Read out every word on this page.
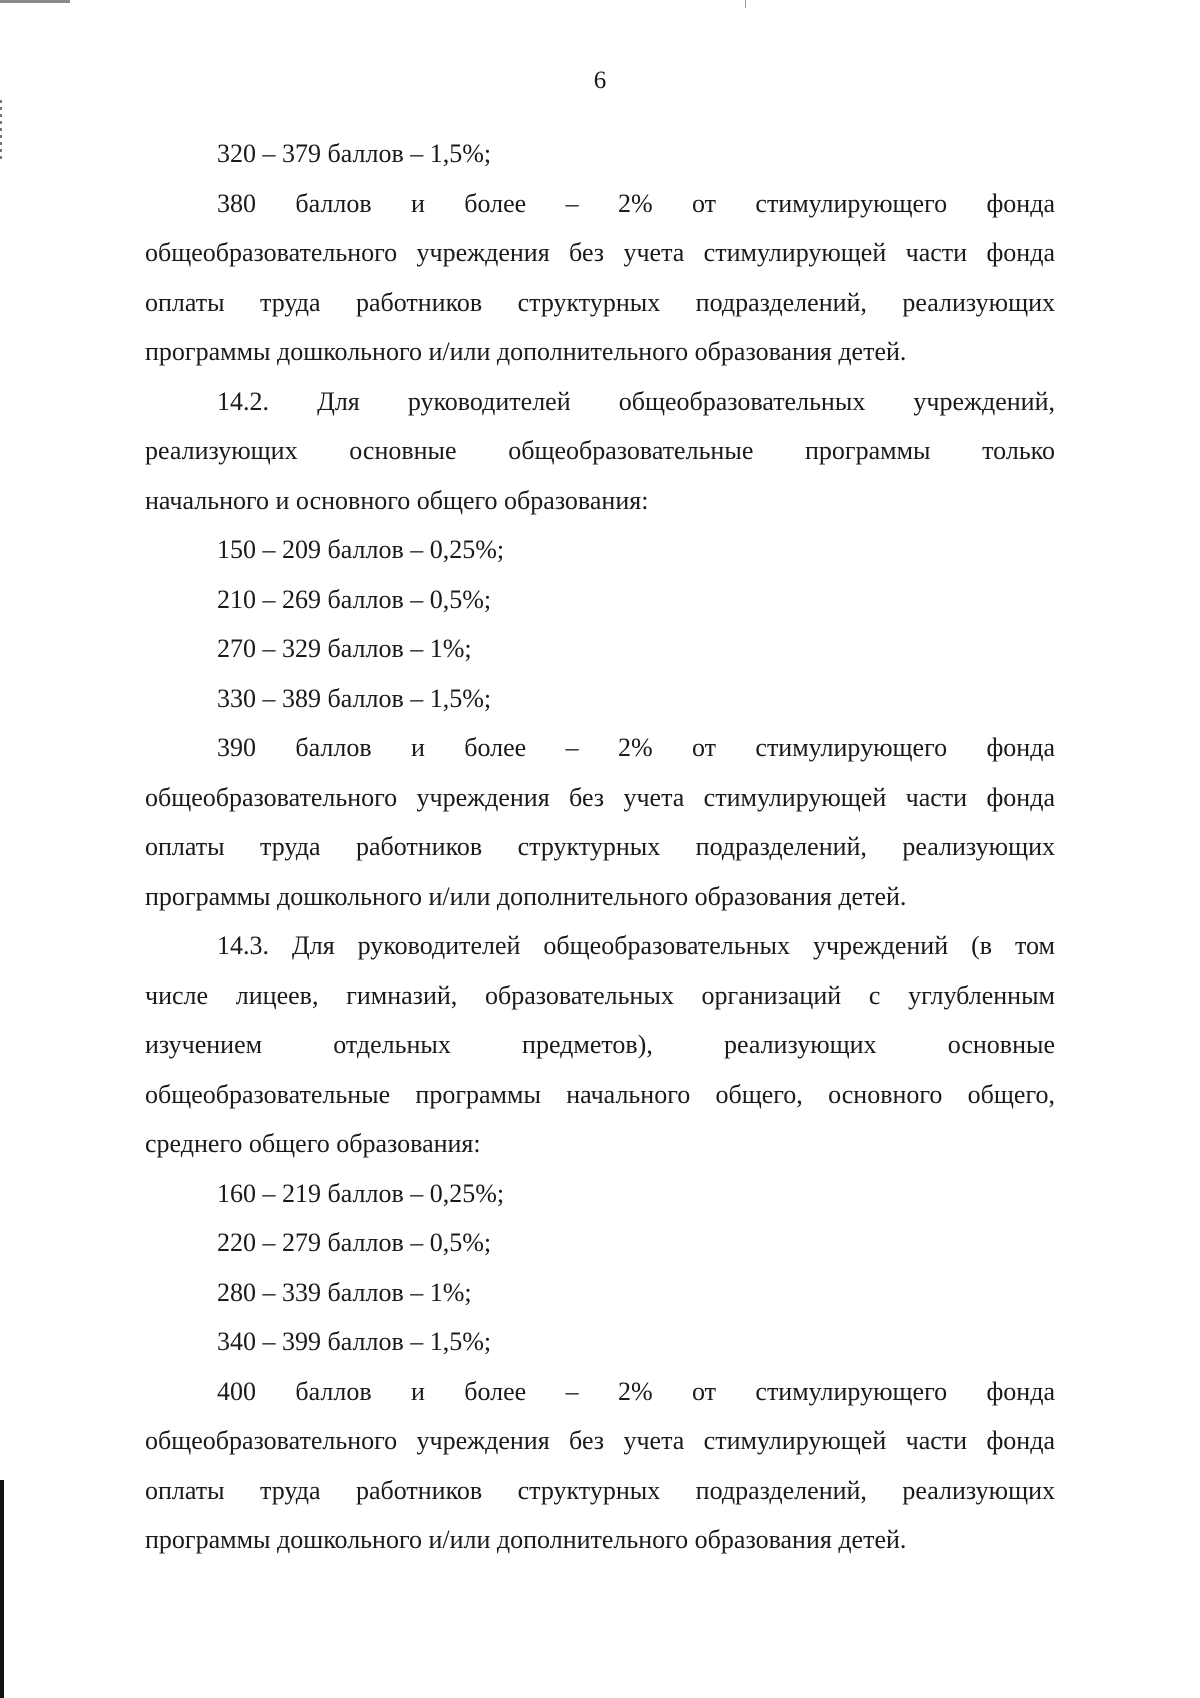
6
320 – 379 баллов – 1,5%;
380 баллов и более – 2% от стимулирующего фонда
общеобразовательного учреждения без учета стимулирующей части фонда
оплаты труда работников структурных подразделений, реализующих
программы дошкольного и/или дополнительного образования детей.
14.2. Для руководителей общеобразовательных учреждений,
реализующих основные общеобразовательные программы только
начального и основного общего образования:
150 – 209 баллов – 0,25%;
210 – 269 баллов – 0,5%;
270 – 329 баллов – 1%;
330 – 389 баллов – 1,5%;
390 баллов и более – 2% от стимулирующего фонда
общеобразовательного учреждения без учета стимулирующей части фонда
оплаты труда работников структурных подразделений, реализующих
программы дошкольного и/или дополнительного образования детей.
14.3. Для руководителей общеобразовательных учреждений (в том
числе лицеев, гимназий, образовательных организаций с углубленным
изучением отдельных предметов), реализующих основные
общеобразовательные программы начального общего, основного общего,
среднего общего образования:
160 – 219 баллов – 0,25%;
220 – 279 баллов – 0,5%;
280 – 339 баллов – 1%;
340 – 399 баллов – 1,5%;
400 баллов и более – 2% от стимулирующего фонда
общеобразовательного учреждения без учета стимулирующей части фонда
оплаты труда работников структурных подразделений, реализующих
программы дошкольного и/или дополнительного образования детей.
